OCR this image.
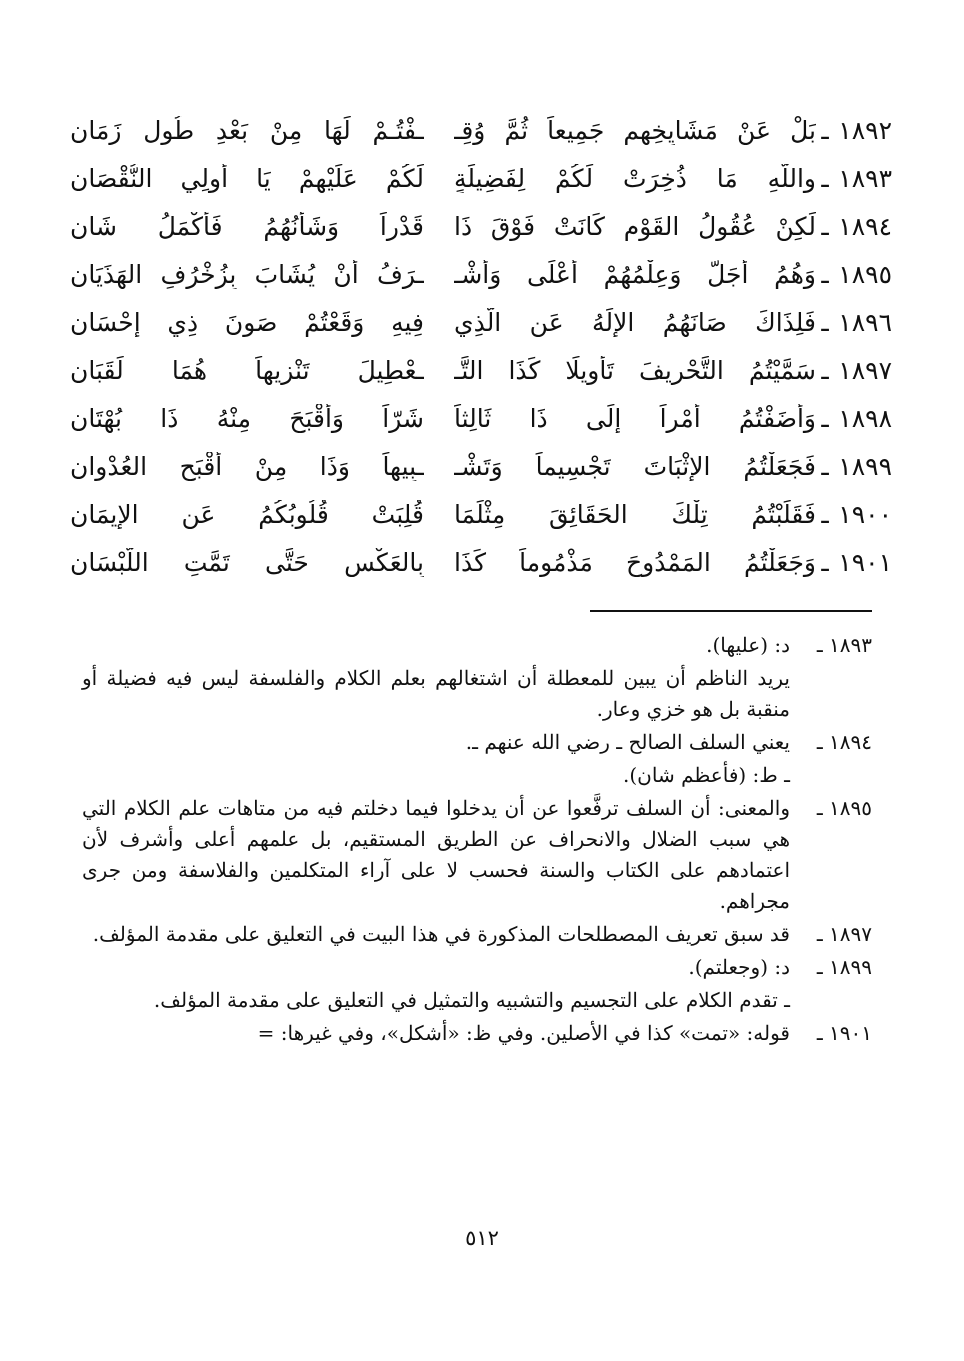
١٨٩٢
ـ
بَلْ عَنْ مَشَايِخِهِم جَمِيعاً ثُمَّ وُقِـ
ـفْتُـمْ لَهَا مِنْ بَعْدِ طُولِ زَمَانِ
١٨٩٣
ـ
واللَّهِ مَا ذُخِرَتْ لَكُمْ لِفَضِيلَةٍ
لَكُمْ عَلَيْهِمْ يَا أولِي النُّقْصَانِ
١٨٩٤
ـ
لَكِنْ عُقُولُ القَوْمِ كَانَتْ فَوْقَ ذَا
قَدْراً وَشَأْنُهُمُ فَأكْمَلُ شَانِ
١٨٩٥
ـ
وَهُمُ أَجَلُّ وَعِلْمُهُمْ أَعْلَى وَأَشْـ
ـرَفُ أنْ يُشَابَ بِزُخْرُفِ الهَذَيَانِ
١٨٩٦
ـ
فَلِذَاكَ صَانَهُمُ الإِلَهُ عَنِ الَّذِي
فِيهِ وَقَعْتُمْ صَونَ ذِي إحْسَانِ
١٨٩٧
ـ
سَمَّيْتُمُ التَّحْرِيفَ تَأْوِيلًا كَذَا التَّـ
ـعْطِيلَ تَنْزِيهاً هُمَا لَقَبَانِ
١٨٩٨
ـ
وَأَضَفْتُمُ أَمْراً إِلَى ذَا ثَالِثاً
شَرّاً وَأقْبَحَ مِنْهُ ذَا بُهْتَانِ
١٨٩٩
ـ
فَجَعَلْتُمُ الإِثْبَاتَ تَجْسِيماً وَتَشْـ
ـبِيهاً وَذَا مِنْ أقْبَحِ العُدْوانِ
١٩٠٠
ـ
فَقَلَبْتُمُ تِلْكَ الحَقَائِقَ مِثْلَمَا
قُلِبَتْ قُلُوبُكُمُ عَنِ الإِيمَانِ
١٩٠١
ـ
وَجَعَلْتُمُ المَمْدُوحَ مَذْمُوماً كَذَا
بِالعَكْسِ حَتَّى تَمَّتِ اللَّبْسَانِ
١٨٩٣ ـ
د: (عليها).
يريد الناظم أن يبين للمعطلة أن اشتغالهم بعلم الكلام والفلسفة ليس فيه فضيلة أو منقبة بل هو خزي وعار.
١٨٩٤ ـ
يعني السلف الصالح ـ رضي الله عنهم ـ.
ـ ط: (فأعظم شان).
١٨٩٥ ـ
والمعنى: أن السلف ترفَّعوا عن أن يدخلوا فيما دخلتم فيه من متاهات علم الكلام التي هي سبب الضلال والانحراف عن الطريق المستقيم، بل علمهم أعلى وأشرف لأن اعتمادهم على الكتاب والسنة فحسب لا على آراء المتكلمين والفلاسفة ومن جرى مجراهم.
١٨٩٧ ـ
قد سبق تعريف المصطلحات المذكورة في هذا البيت في التعليق على مقدمة المؤلف.
١٨٩٩ ـ
د: (وجعلتم).
ـ تقدم الكلام على التجسيم والتشبيه والتمثيل في التعليق على مقدمة المؤلف.
١٩٠١ ـ
قوله: «تمت» كذا في الأصلين. وفي ظ: «أشكل»، وفي غيرها: =
٥١٢
